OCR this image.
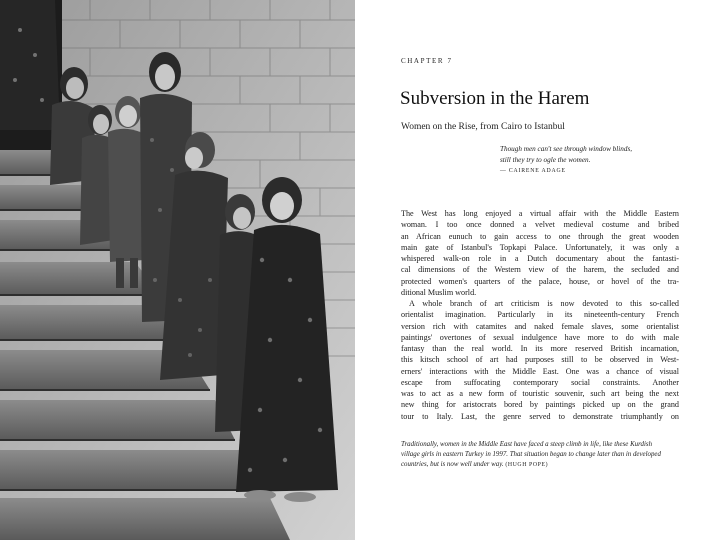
CHAPTER 7
Subversion in the Harem
Women on the Rise, from Cairo to Istanbul
Though men can't see through window blinds,
still they try to ogle the women.
— CAIRENE ADAGE
The West has long enjoyed a virtual affair with the Middle Eastern
woman. I too once donned a velvet medieval costume and bribed
an African eunuch to gain access to one through the great wooden
main gate of Istanbul's Topkapi Palace. Unfortunately, it was only a
whispered walk-on role in a Dutch documentary about the fantasti-
cal dimensions of the Western view of the harem, the secluded and
protected women's quarters of the palace, house, or hovel of the tra-
ditional Muslim world.
A whole branch of art criticism is now devoted to this so-called
orientalist imagination. Particularly in its nineteenth-century French
version rich with catamites and naked female slaves, some orientalist
paintings' overtones of sexual indulgence have more to do with male
fantasy than the real world. In its more reserved British incarnation,
this kitsch school of art had purposes still to be observed in West-
erners' interactions with the Middle East. One was a chance of visual
escape from suffocating contemporary social constraints. Another
was to act as a new form of touristic souvenir, such art being the next
new thing for aristocrats bored by paintings picked up on the grand
tour to Italy. Last, the genre served to demonstrate triumphantly on
Traditionally, women in the Middle East have faced a steep climb in life, like these Kurdish
village girls in eastern Turkey in 1997. That situation began to change later than in developed
countries, but is now well under way. (HUGH POPE)
